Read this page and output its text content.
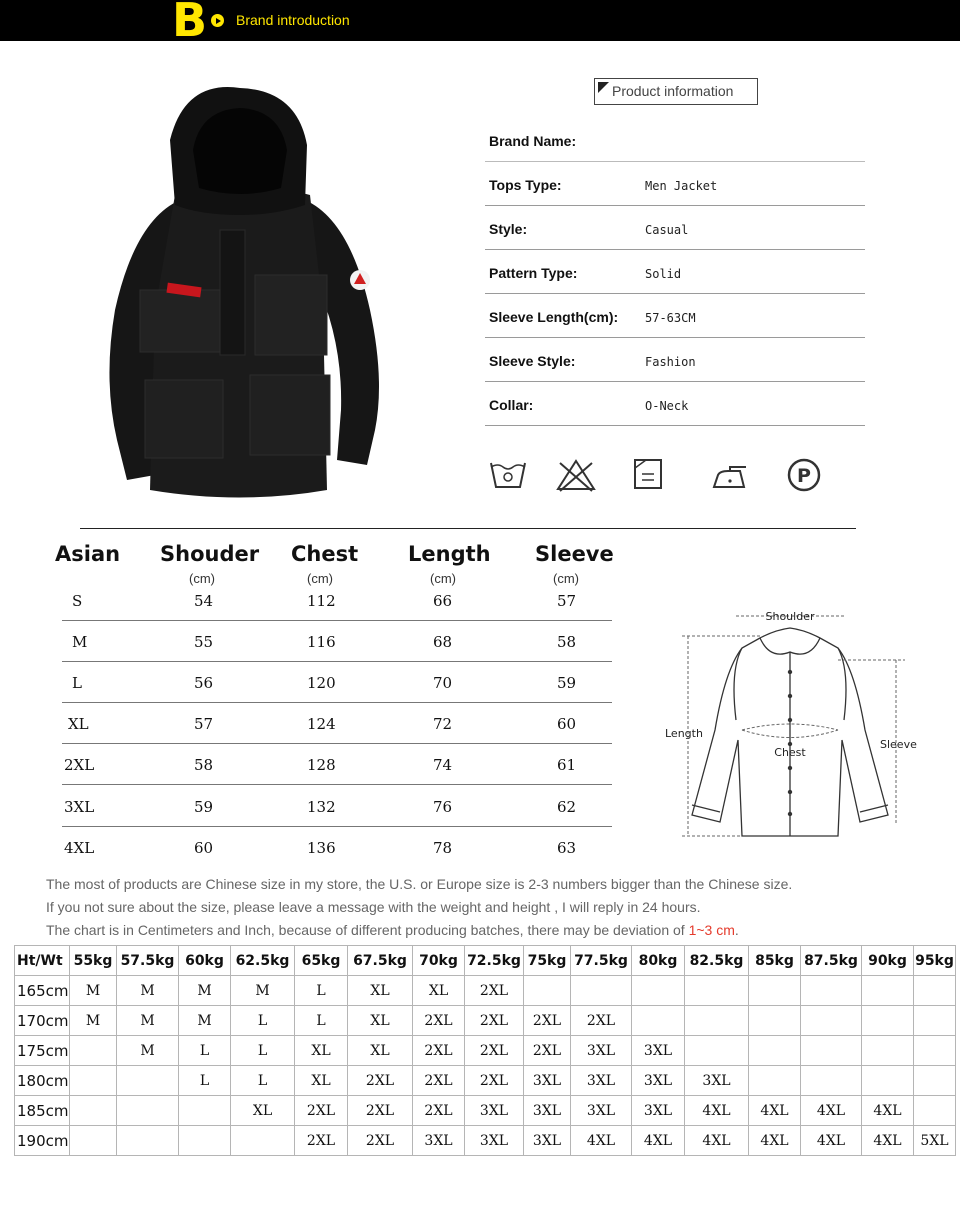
B Brand introduction
Product information
Brand Name:
Tops Type:	Men Jacket
Style:	Casual
Pattern Type:	Solid
Sleeve Length(cm): 57-63CM
Sleeve Style:	Fashion
Collar:	O-Neck
P
Asian Shouder Chest Length Sleeve
(cm)	(cm)	(cm)	(cm)
S	54	112	66	57
M	55	116	68	58
L	56	120	70	59
XL	57	124	72	60
2XL	58	128	74	61
3XL	59	132	76	62
4XL	60	136	78	63
Shoulder
Chest
Length
Sleeve
The most of products are Chinese size in my store, the U.S. or Europe size is 2-3 numbers bigger than the Chinese size.
If you not sure about the size, please leave a message with the weight and height , I will reply in 24 hours.
The chart is in Centimeters and Inch, because of different producing batches, there may be deviation of 1~3 cm.
Ht/Wt	55kg	57.5kg	60kg	62.5kg	65kg	67.5kg	70kg	72.5kg	75kg	77.5kg	80kg	82.5kg	85kg	87.5kg	90kg	95kg
165cm	M	M	M	M	L	XL	XL	2XL								
170cm	M	M	M	L	L	XL	2XL	2XL	2XL	2XL						
175cm		M	L	L	XL	XL	2XL	2XL	2XL	3XL	3XL					
180cm			L	L	XL	2XL	2XL	2XL	3XL	3XL	3XL	3XL				
185cm				XL	2XL	2XL	2XL	3XL	3XL	3XL	3XL	4XL	4XL	4XL	4XL	
190cm					2XL	2XL	3XL	3XL	3XL	4XL	4XL	4XL	4XL	4XL	4XL	5XL
